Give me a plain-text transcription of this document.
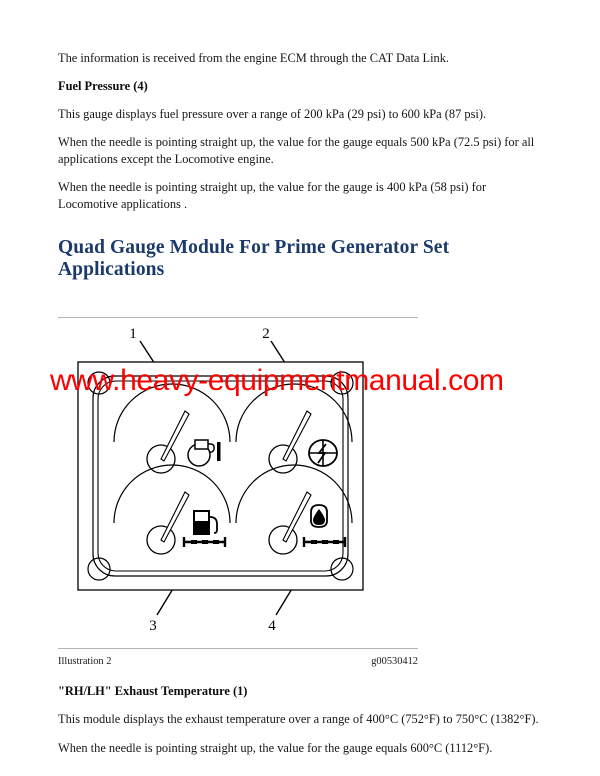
The information is received from the engine ECM through the CAT Data Link.

Fuel Pressure (4)

This gauge displays fuel pressure over a range of 200 kPa (29 psi) to 600 kPa (87 psi).

When the needle is pointing straight up, the value for the gauge equals 500 kPa (72.5 psi) for all applications except the Locomotive engine.

When the needle is pointing straight up, the value for the gauge is 400 kPa (58 psi) for Locomotive applications .

Quad Gauge Module For Prime Generator Set Applications
1	2
3	4
Illustration 2	g00530412
"RH/LH" Exhaust Temperature (1)

This module displays the exhaust temperature over a range of 400°C (752°F) to 750°C (1382°F).

When the needle is pointing straight up, the value for the gauge equals 600°C (1112°F).

www.heavy-equipmentmanual.com
